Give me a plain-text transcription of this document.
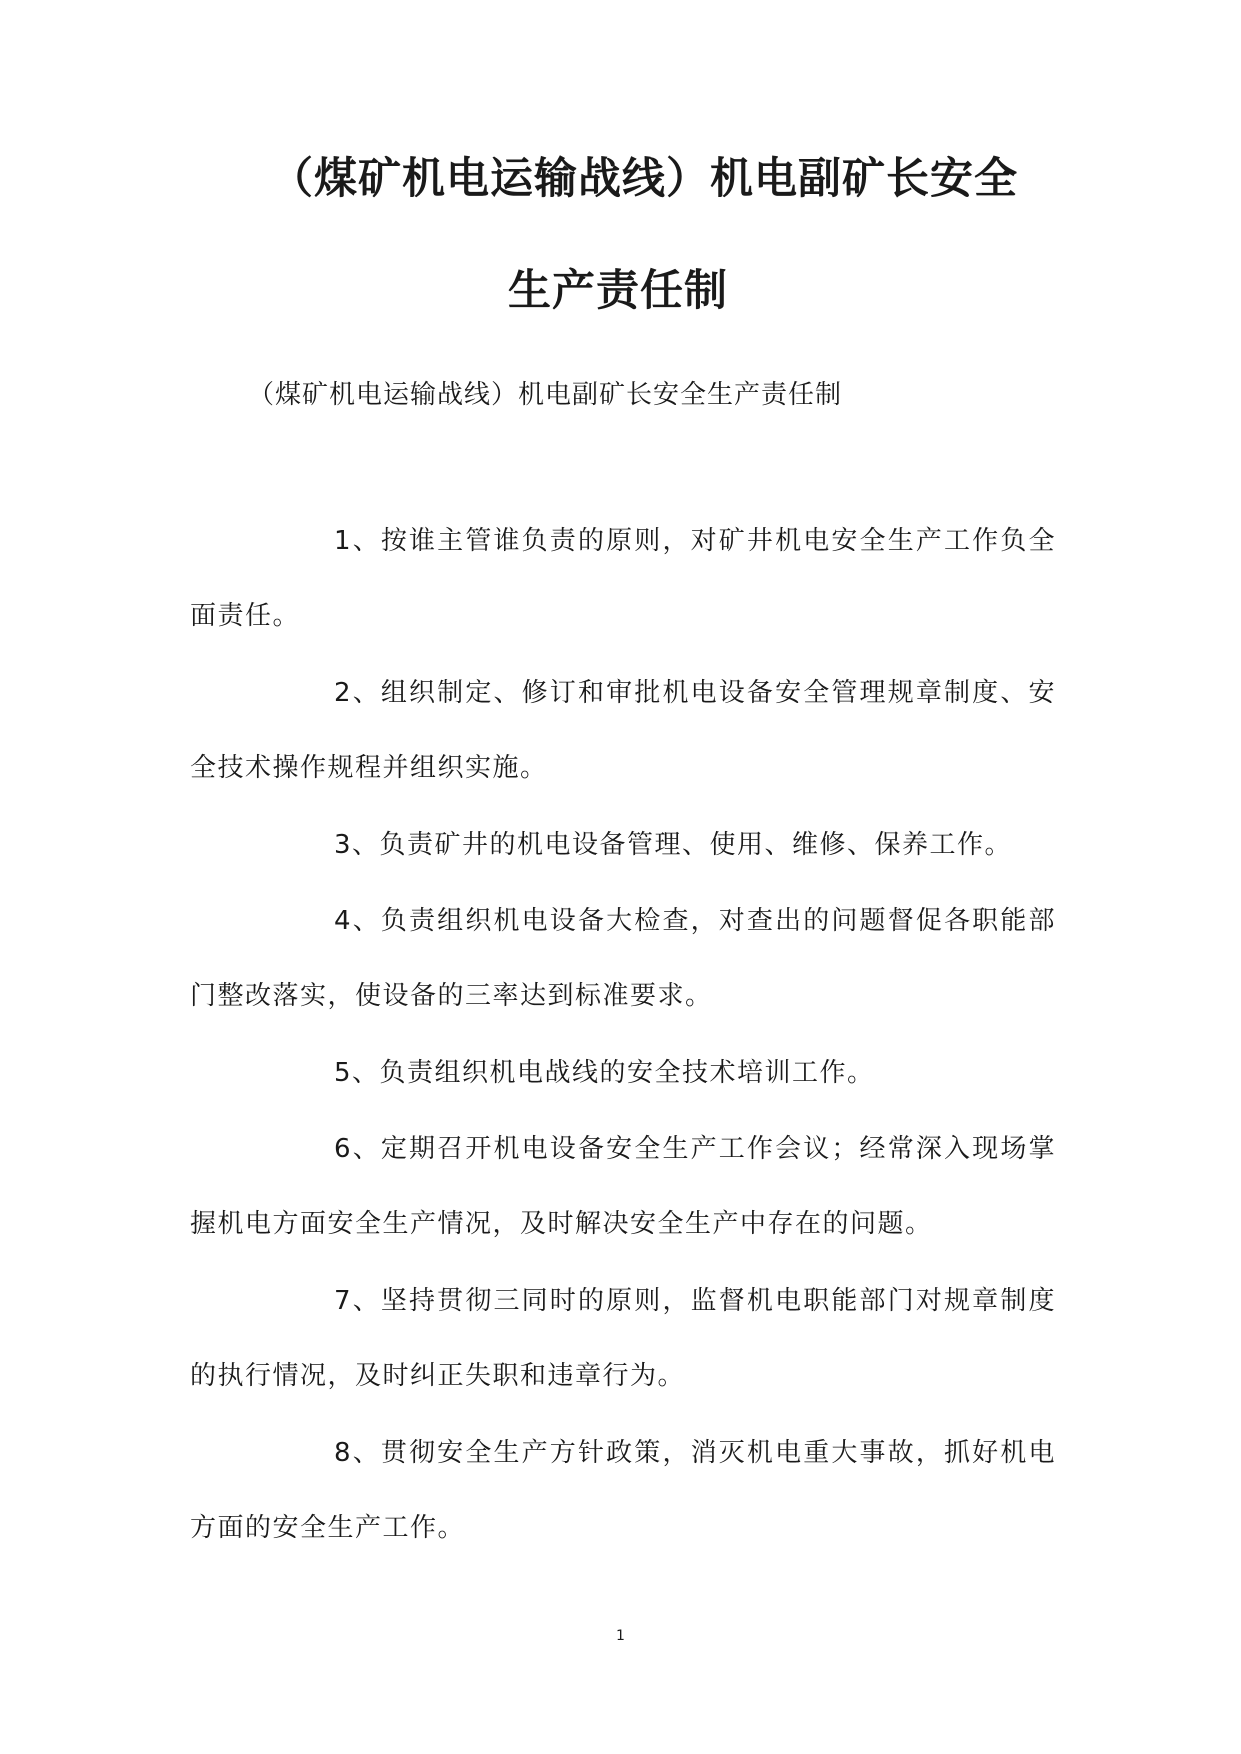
（煤矿机电运输战线）机电副矿长安全
生产责任制
（煤矿机电运输战线）机电副矿长安全生产责任制
1、按谁主管谁负责的原则，对矿井机电安全生产工作负全面责任。
2、组织制定、修订和审批机电设备安全管理规章制度、安全技术操作规程并组织实施。
3、负责矿井的机电设备管理、使用、维修、保养工作。
4、负责组织机电设备大检查，对查出的问题督促各职能部门整改落实，使设备的三率达到标准要求。
5、负责组织机电战线的安全技术培训工作。
6、定期召开机电设备安全生产工作会议；经常深入现场掌握机电方面安全生产情况，及时解决安全生产中存在的问题。
7、坚持贯彻三同时的原则，监督机电职能部门对规章制度的执行情况，及时纠正失职和违章行为。
8、贯彻安全生产方针政策，消灭机电重大事故，抓好机电方面的安全生产工作。
1
